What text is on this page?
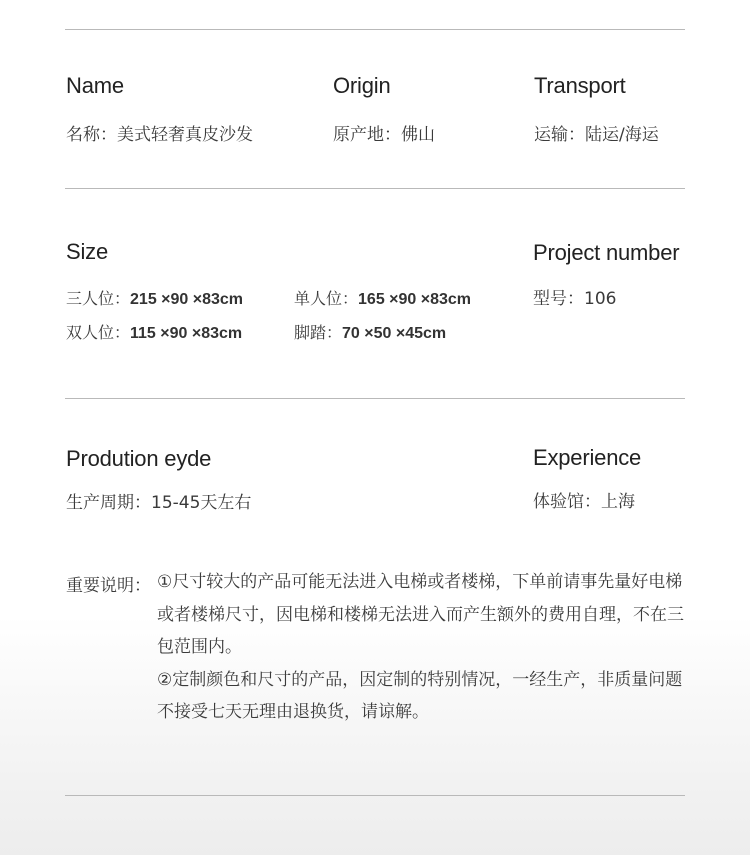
Name
名称：美式轻奢真皮沙发
Origin
原产地：佛山
Transport
运输：陆运/海运
Size
三人位：215 ×90 ×83cm	单人位：165 ×90 ×83cm
双人位：115 ×90 ×83cm	脚踏：70 ×50 ×45cm
Project number
型号：106
Prodution eyde
生产周期：15-45天左右
Experience
体验馆：上海
重要说明： ①尺寸较大的产品可能无法进入电梯或者楼梯，下单前请事先量好电梯或者楼梯尺寸，因电梯和楼梯无法进入而产生额外的费用自理，不在三包范围内。

②定制颜色和尺寸的产品，因定制的特别情况，一经生产，非质量问题不接受七天无理由退换货，请谅解。
